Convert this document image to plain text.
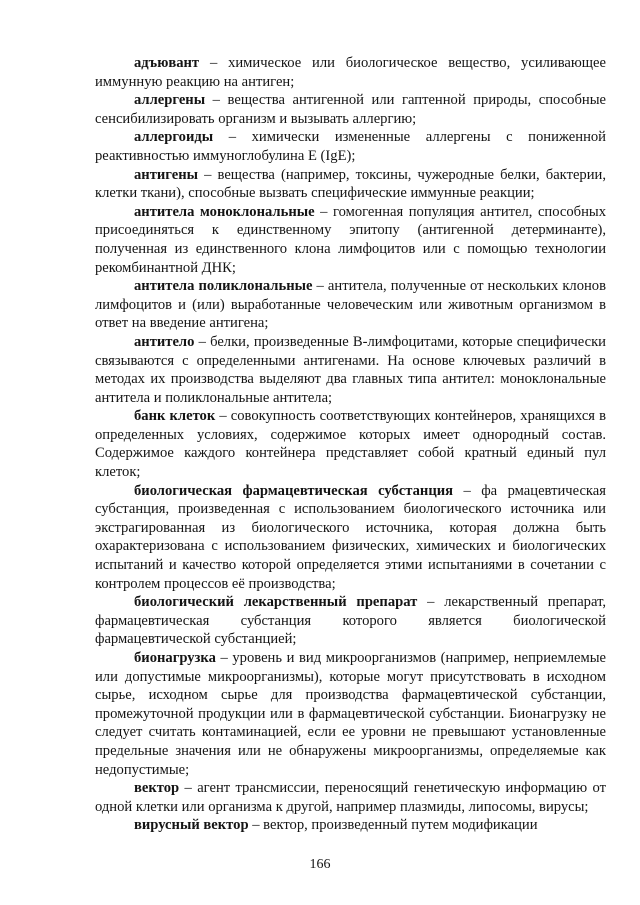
адъювант – химическое или биологическое вещество, усиливающее иммунную реакцию на антиген;

аллергены – вещества антигенной или гаптенной природы, способные сенсибилизировать организм и вызывать аллергию;

аллергоиды – химически измененные аллергены с пониженной реактивностью иммуноглобулина E (IgE);

антигены – вещества (например, токсины, чужеродные белки, бактерии, клетки ткани), способные вызвать специфические иммунные реакции;

антитела моноклональные – гомогенная популяция антител, способных присоединяться к единственному эпитопу (антигенной детерминанте), полученная из единственного клона лимфоцитов или с помощью технологии рекомбинантной ДНК;

антитела поликлональные – антитела, полученные от нескольких клонов лимфоцитов и (или) выработанные человеческим или животным организмом в ответ на введение антигена;

антитело – белки, произведенные B-лимфоцитами, которые специфически связываются с определенными антигенами. На основе ключевых различий в методах их производства выделяют два главных типа антител: моноклональные антитела и поликлональные антитела;

банк клеток – совокупность соответствующих контейнеров, хранящихся в определенных условиях, содержимое которых имеет однородный состав. Содержимое каждого контейнера представляет собой кратный единый пул клеток;

биологическая фармацевтическая субстанция – фа рмацевтическая субстанция, произведенная с использованием биологического источника или экстрагированная из биологического источника, которая должна быть охарактеризована с использованием физических, химических и биологических испытаний и качество которой определяется этими испытаниями в сочетании с контролем процессов её производства;

биологический лекарственный препарат – лекарственный препарат, фармацевтическая субстанция которого является биологической фармацевтической субстанцией;

бионагрузка – уровень и вид микроорганизмов (например, неприемлемые или допустимые микроорганизмы), которые могут присутствовать в исходном сырье, исходном сырье для производства фармацевтической субстанции, промежуточной продукции или в фармацевтической субстанции. Бионагрузку не следует считать контаминацией, если ее уровни не превышают установленные предельные значения или не обнаружены микроорганизмы, определяемые как недопустимые;

вектор – агент трансмиссии, переносящий генетическую информацию от одной клетки или организма к другой, например плазмиды, липосомы, вирусы;

вирусный вектор – вектор, произведенный путем модификации

166
